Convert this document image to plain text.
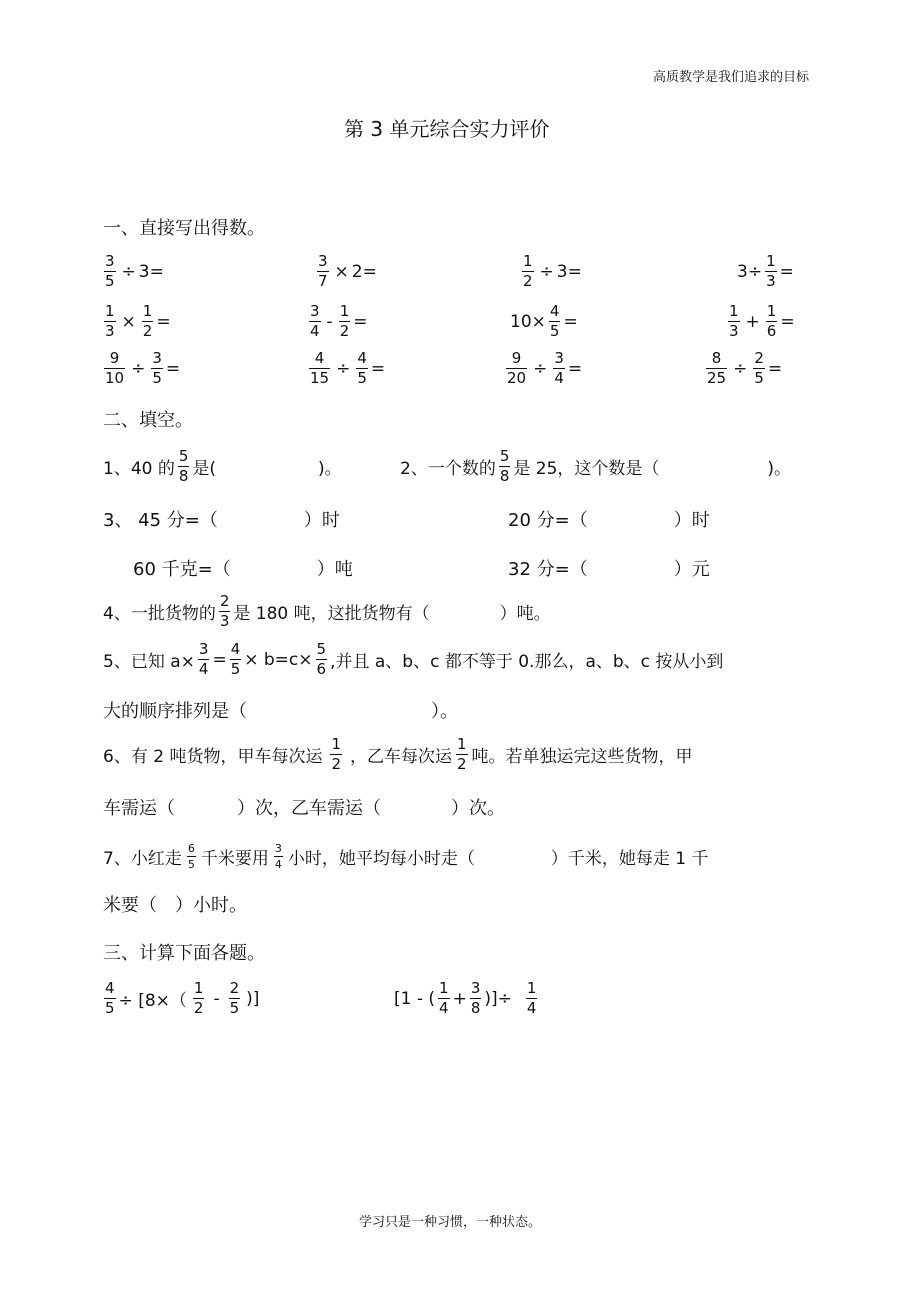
高质教学是我们追求的目标
第 3 单元综合实力评价
一、直接写出得数。
$\frac{3}{5} \div 3=$	$\frac{3}{7} \times 2=$	$\frac{1}{2} \div 3=$	$3\div \frac{1}{3}$ =
$\frac{1}{3} \times \frac{1}{2}$ =	$\frac{3}{4} - \frac{1}{2}$ =	$10\times \frac{4}{5}$ =	$\frac{1}{3} + \frac{1}{6}$ =
$\frac{9}{10} \div \frac{3}{5}$ =	$\frac{4}{15} \div \frac{4}{5}$ =	$\frac{9}{20} \div \frac{3}{4}$ =	$\frac{8}{25} \div \frac{2}{5}$ =
二、填空。
1、40 的 $\frac{5}{8}$ 是(	)。	2、一个数的 $\frac{5}{8}$ 是 25，这个数是（	)。
3、 45 分=（	）时	20 分=（	）时
60 千克=（	）吨	32 分=（	）元
4、一批货物的 $\frac{2}{3}$ 是 180 吨，这批货物有（	）吨。
5、已知 $a\times \frac{3}{4} = \frac{4}{5} \times b=c\times \frac{5}{6}$ ,并且 a、b、c 都不等于 0.那么，a、b、c 按从小到
大的顺序排列是（	）。
6、有 2 吨货物，甲车每次运 $\frac{1}{2}$ ，乙车每次运 $\frac{1}{2}$ 吨。若单独运完这些货物，甲
车需运（	）次，乙车需运（	）次。
7、小红走 $\frac{6}{5}$ 千米要用 $\frac{3}{4}$ 小时，她平均每小时走（	）千米，她每走 1 千
米要（ ）小时。
三、计算下面各题。
$\frac{4}{5} \div [8\times( \frac{1}{2} - \frac{2}{5}$ )]	[1 - ( $\frac{1}{4} + \frac{3}{8}$ )]÷ $\frac{1}{4}$
学习只是一种习惯，一种状态。
